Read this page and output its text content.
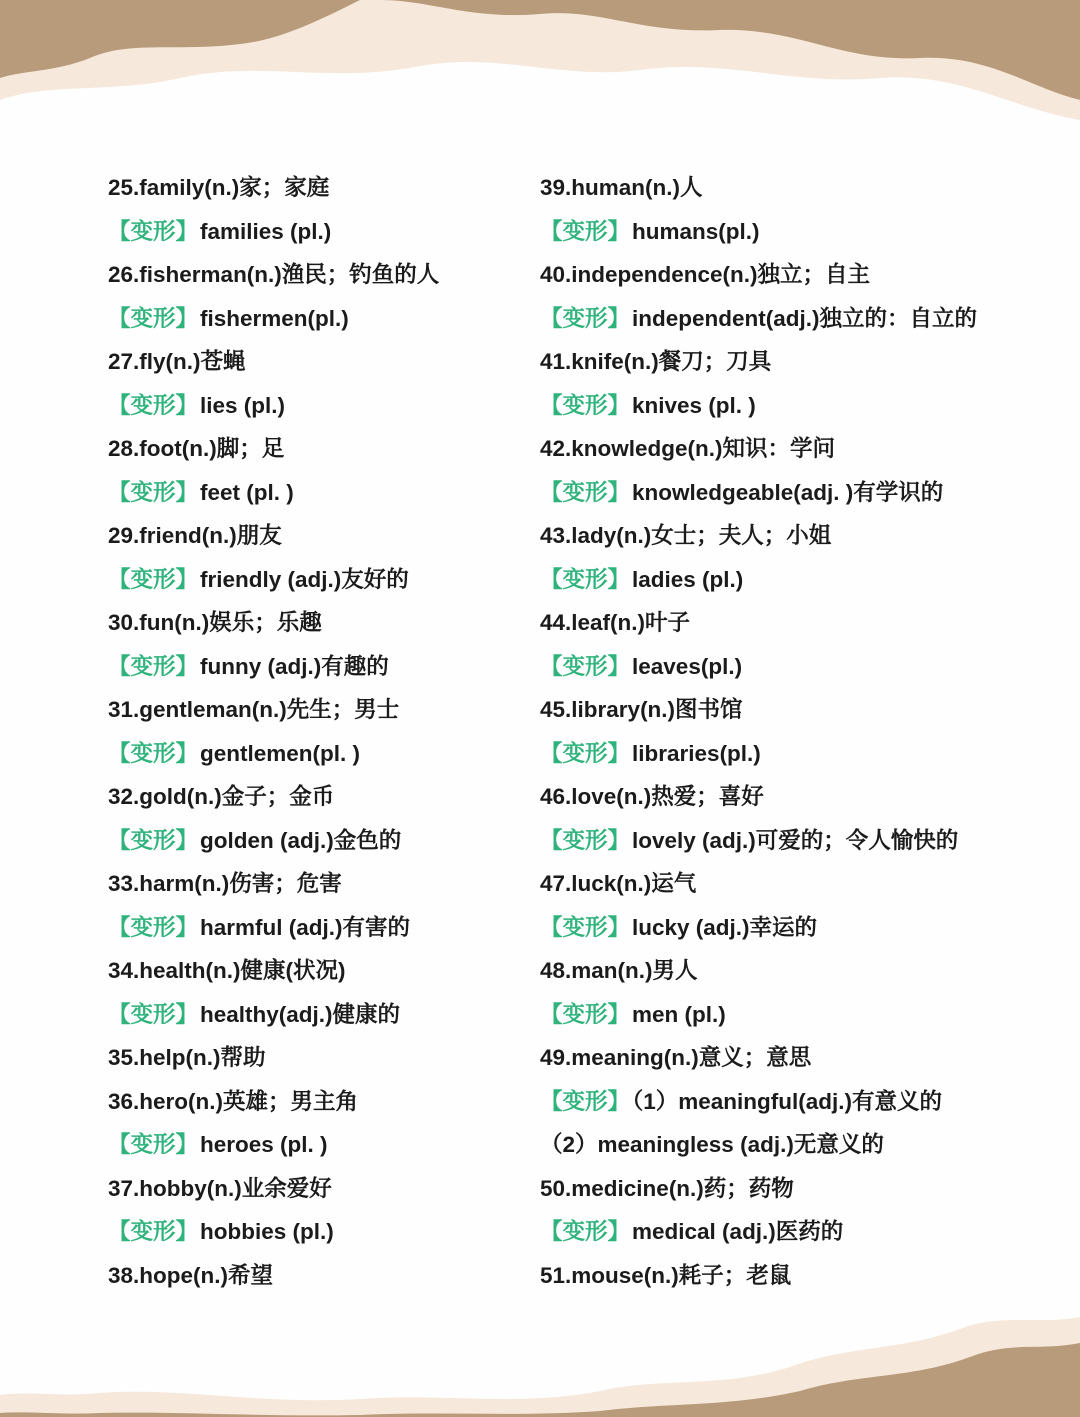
25.family(n.)家；家庭
【变形】families (pl.)
26.fisherman(n.)渔民；钓鱼的人
【变形】fishermen(pl.)
27.fly(n.)苍蝇
【变形】lies (pl.)
28.foot(n.)脚；足
【变形】feet (pl. )
29.friend(n.)朋友
【变形】friendly (adj.)友好的
30.fun(n.)娱乐；乐趣
【变形】funny (adj.)有趣的
31.gentleman(n.)先生；男士
【变形】gentlemen(pl. )
32.gold(n.)金子；金币
【变形】golden (adj.)金色的
33.harm(n.)伤害；危害
【变形】harmful (adj.)有害的
34.health(n.)健康(状况)
【变形】healthy(adj.)健康的
35.help(n.)帮助
36.hero(n.)英雄；男主角
【变形】heroes (pl. )
37.hobby(n.)业余爱好
【变形】hobbies (pl.)
38.hope(n.)希望
39.human(n.)人
【变形】humans(pl.)
40.independence(n.)独立；自主
【变形】independent(adj.)独立的：自立的
41.knife(n.)餐刀；刀具
【变形】knives (pl. )
42.knowledge(n.)知识：学问
【变形】knowledgeable(adj. )有学识的
43.lady(n.)女士；夫人；小姐
【变形】ladies (pl.)
44.leaf(n.)叶子
【变形】leaves(pl.)
45.library(n.)图书馆
【变形】libraries(pl.)
46.love(n.)热爱；喜好
【变形】lovely (adj.)可爱的；令人愉快的
47.luck(n.)运气
【变形】lucky (adj.)幸运的
48.man(n.)男人
【变形】men (pl.)
49.meaning(n.)意义；意思
【变形】（1）meaningful(adj.)有意义的
（2）meaningless (adj.)无意义的
50.medicine(n.)药；药物
【变形】medical (adj.)医药的
51.mouse(n.)耗子；老鼠
